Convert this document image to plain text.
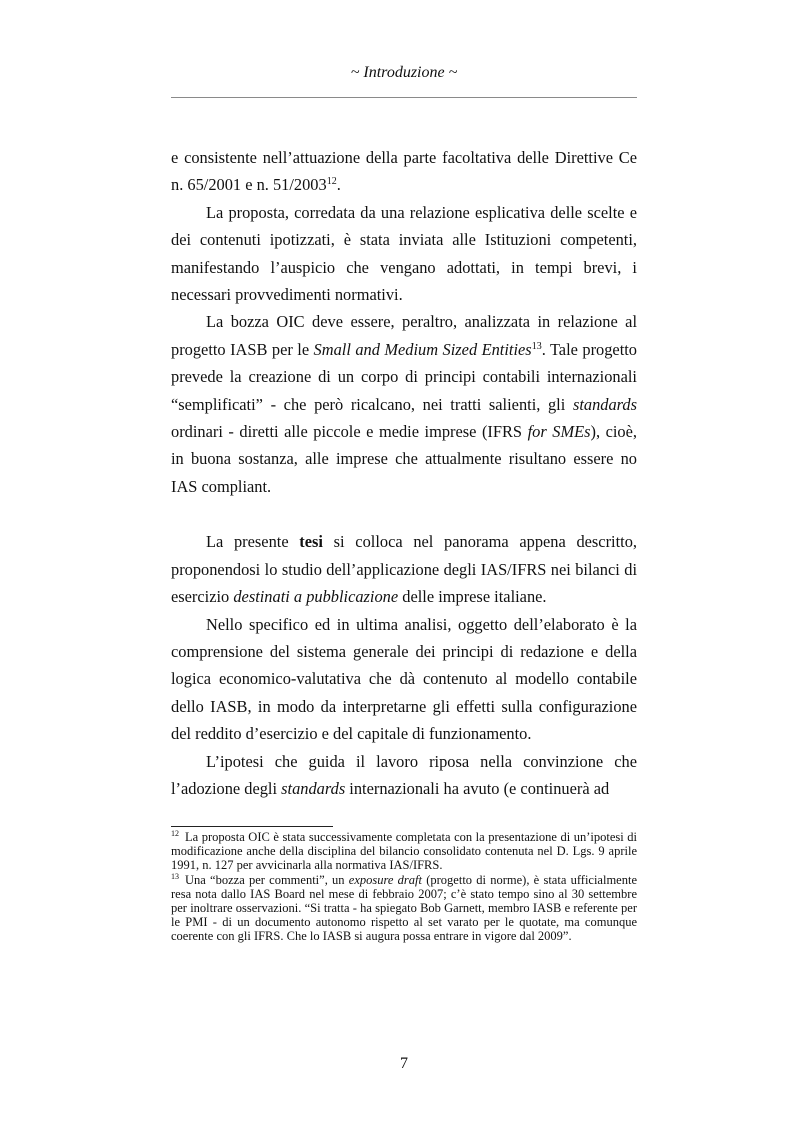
~ Introduzione ~

e consistente nell’attuazione della parte facoltativa delle Direttive Ce n. 65/2001 e n. 51/2003$^{12}$.

La proposta, corredata da una relazione esplicativa delle scelte e dei contenuti ipotizzati, è stata inviata alle Istituzioni competenti, manifestando l’auspicio che vengano adottati, in tempi brevi, i necessari provvedimenti normativi.

La bozza OIC deve essere, peraltro, analizzata in relazione al progetto IASB per le Small and Medium Sized Entities$^{13}$. Tale progetto prevede la creazione di un corpo di principi contabili internazionali “semplificati” - che però ricalcano, nei tratti salienti, gli standards ordinari - diretti alle piccole e medie imprese (IFRS for SMEs), cioè, in buona sostanza, alle imprese che attualmente risultano essere no IAS compliant.

La presente tesi si colloca nel panorama appena descritto, proponendosi lo studio dell’applicazione degli IAS/IFRS nei bilanci di esercizio destinati a pubblicazione delle imprese italiane.

Nello specifico ed in ultima analisi, oggetto dell’elaborato è la comprensione del sistema generale dei principi di redazione e della logica economico-valutativa che dà contenuto al modello contabile dello IASB, in modo da interpretarne gli effetti sulla configurazione del reddito d’esercizio e del capitale di funzionamento.

L’ipotesi che guida il lavoro riposa nella convinzione che l’adozione degli standards internazionali ha avuto (e continuerà ad

$^{12}$ La proposta OIC è stata successivamente completata con la presentazione di un’ipotesi di modificazione anche della disciplina del bilancio consolidato contenuta nel D. Lgs. 9 aprile 1991, n. 127 per avvicinarla alla normativa IAS/IFRS.

$^{13}$ Una “bozza per commenti”, un exposure draft (progetto di norme), è stata ufficialmente resa nota dallo IAS Board nel mese di febbraio 2007; c’è stato tempo sino al 30 settembre per inoltrare osservazioni. “Si tratta - ha spiegato Bob Garnett, membro IASB e referente per le PMI - di un documento autonomo rispetto al set varato per le quotate, ma comunque coerente con gli IFRS. Che lo IASB si augura possa entrare in vigore dal 2009”.

7
